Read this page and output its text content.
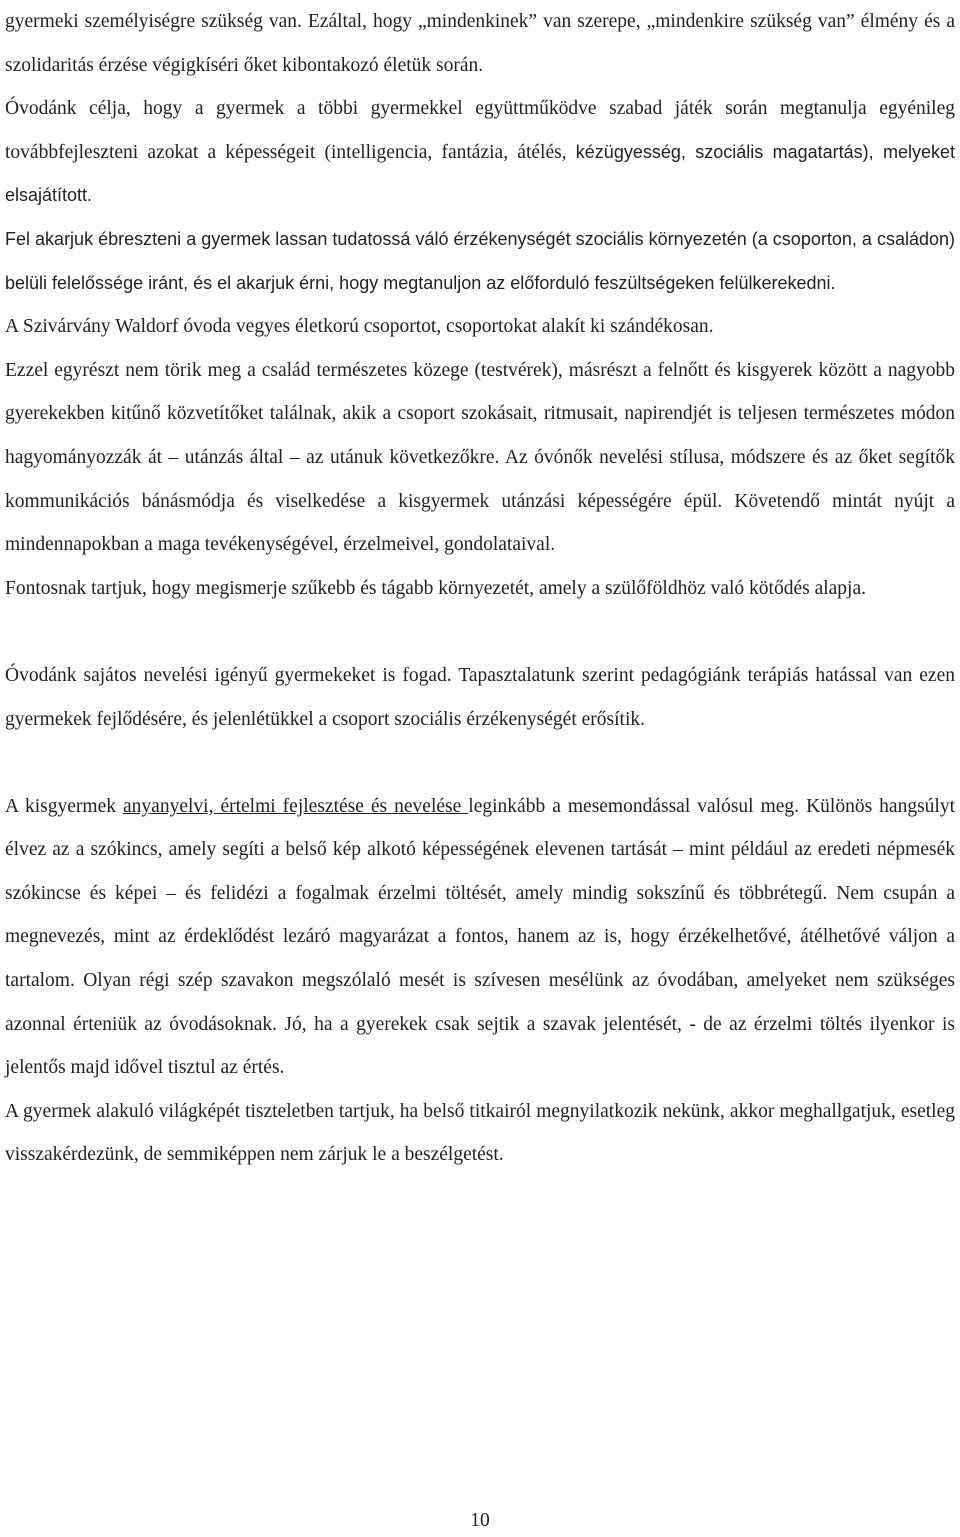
gyermeki személyiségre szükség van. Ezáltal, hogy „mindenkinek” van szerepe, „mindenkire szükség van” élmény és a szolidaritás érzése végigkíséri őket kibontakozó életük során.

Óvodánk célja, hogy a gyermek a többi gyermekkel együttműködve szabad játék során megtanulja egyénileg továbbfejleszteni azokat a képességeit (intelligencia, fantázia, átélés, kézügyesség, szociális magatartás), melyeket elsajátított.

Fel akarjuk ébreszteni a gyermek lassan tudatossá váló érzékenységét szociális környezetén (a csoporton, a családon) belüli felelőssége iránt, és el akarjuk érni, hogy megtanuljon az előforduló feszültségeken felülkerekedni.

A Szivárvány Waldorf óvoda vegyes életkorú csoportot, csoportokat alakít ki szándékosan.

Ezzel egyrészt nem törik meg a család természetes közege (testvérek), másrészt a felnőtt és kisgyerek között a nagyobb gyerekekben kitűnő közvetítőket találnak, akik a csoport szokásait, ritmusait, napirendjét is teljesen természetes módon hagyományozzák át – utánzás által – az utánuk következőkre. Az óvónők nevelési stílusa, módszere és az őket segítők kommunikációs bánásmódja és viselkedése a kisgyermek utánzási képességére épül. Követendő mintát nyújt a mindennapokban a maga tevékenységével, érzelmeivel, gondolataival.

Fontosnak tartjuk, hogy megismerje szűkebb és tágabb környezetét, amely a szülőföldhöz való kötődés alapja.

Óvodánk sajátos nevelési igényű gyermekeket is fogad. Tapasztalatunk szerint pedagógiánk terápiás hatással van ezen gyermekek fejlődésére, és jelenlétükkel a csoport szociális érzékenységét erősítik.

A kisgyermek anyanyelvi, értelmi fejlesztése és nevelése leginkább a mesemondással valósul meg. Különös hangsúlyt élvez az a szókincs, amely segíti a belső kép alkotó képességének elevenen tartását – mint például az eredeti népmesék szókincse és képei – és felidézi a fogalmak érzelmi töltését, amely mindig sokszínű és többrétegű. Nem csupán a megnevezés, mint az érdeklődést lezáró magyarázat a fontos, hanem az is, hogy érzékelhetővé, átélhetővé váljon a tartalom. Olyan régi szép szavakon megszólaló mesét is szívesen mesélünk az óvodában, amelyeket nem szükséges azonnal érteniük az óvodásoknak. Jó, ha a gyerekek csak sejtik a szavak jelentését, - de az érzelmi töltés ilyenkor is jelentős majd idővel tisztul az értés.

A gyermek alakuló világképét tiszteletben tartjuk, ha belső titkairól megnyilatkozik nekünk, akkor meghallgatjuk, esetleg visszakérdezünk, de semmiképpen nem zárjuk le a beszélgetést.

10
